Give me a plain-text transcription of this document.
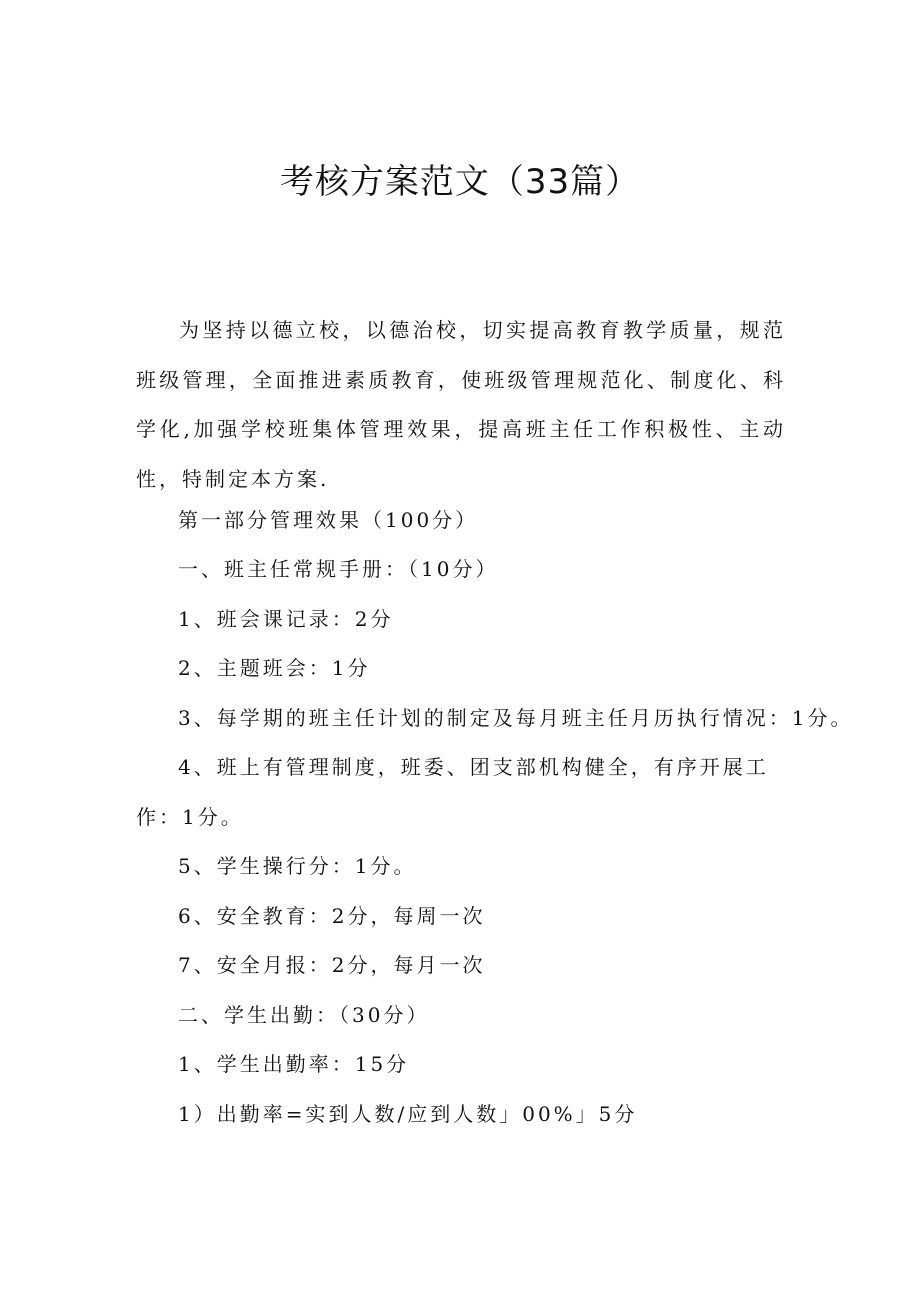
考核方案范文（33篇）

为坚持以德立校，以德治校，切实提高教育教学质量，规范班级管理，全面推进素质教育，使班级管理规范化、制度化、科学化,加强学校班集体管理效果，提高班主任工作积极性、主动性，特制定本方案.

第一部分管理效果（100分）

一、班主任常规手册：（10分）

1、班会课记录：2分

2、主题班会：1分

3、每学期的班主任计划的制定及每月班主任月历执行情况：1分。

4、班上有管理制度，班委、团支部机构健全，有序开展工作：1分。

5、学生操行分：1分。

6、安全教育：2分，每周一次

7、安全月报：2分，每月一次

二、学生出勤：（30分）

1、学生出勤率：15分

1）出勤率=实到人数/应到人数」00%」5分
